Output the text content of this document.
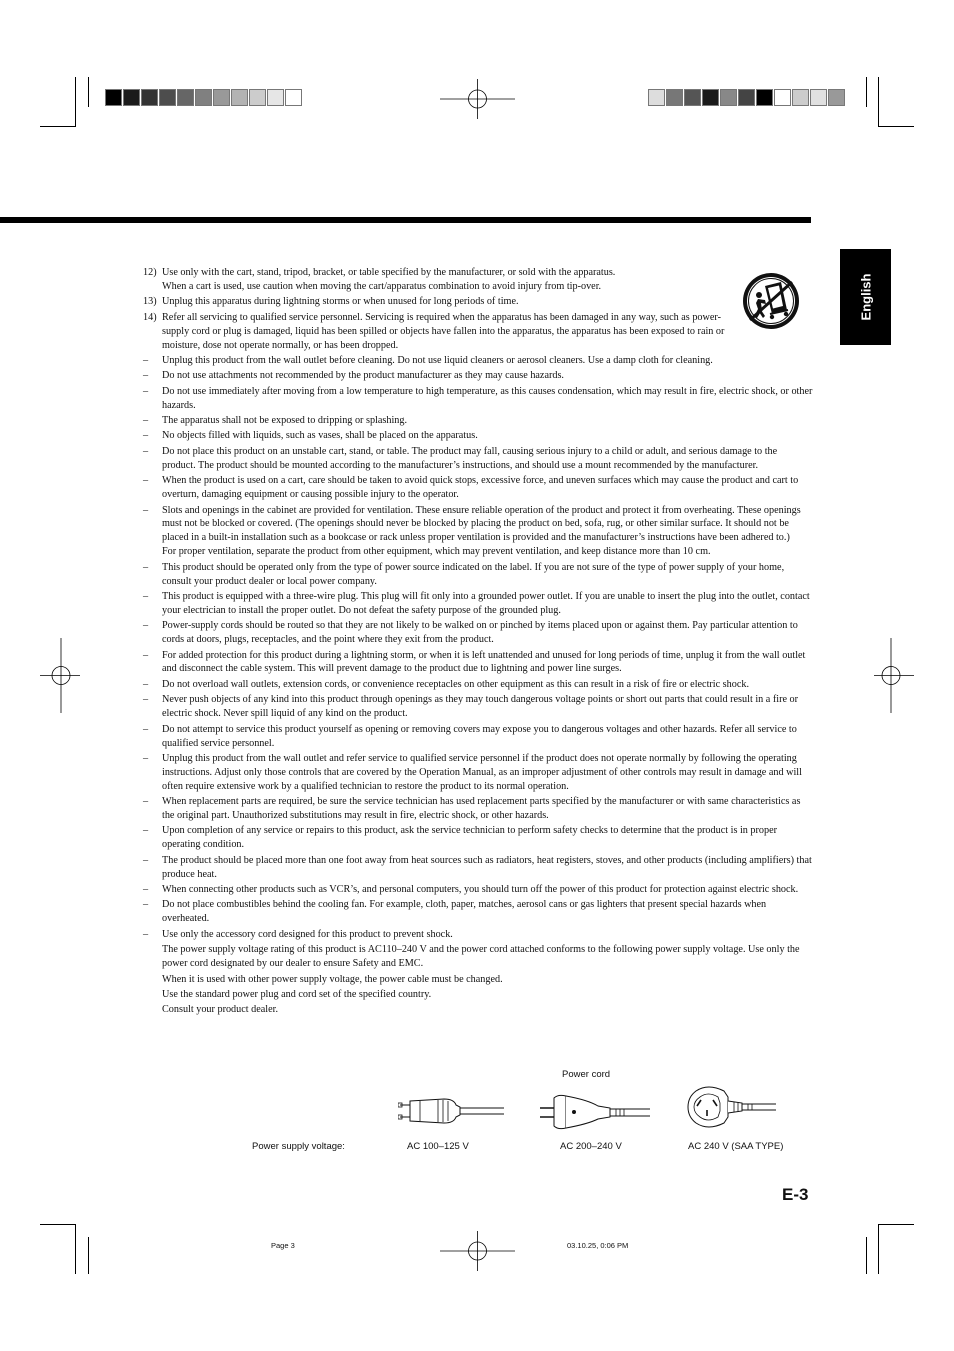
English
12) Use only with the cart, stand, tripod, bracket, or table specified by the manufacturer, or sold with the apparatus.
When a cart is used, use caution when moving the cart/apparatus combination to avoid injury from tip-over.
13) Unplug this apparatus during lightning storms or when unused for long periods of time.
14) Refer all servicing to qualified service personnel. Servicing is required when the apparatus has been damaged in any way, such as power-supply cord or plug is damaged, liquid has been spilled or objects have fallen into the apparatus, the apparatus has been exposed to rain or moisture, dose not operate normally, or has been dropped.
– Unplug this product from the wall outlet before cleaning. Do not use liquid cleaners or aerosol cleaners. Use a damp cloth for cleaning.
– Do not use attachments not recommended by the product manufacturer as they may cause hazards.
– Do not use immediately after moving from a low temperature to high temperature, as this causes condensation, which may result in fire, electric shock, or other hazards.
– The apparatus shall not be exposed to dripping or splashing.
– No objects filled with liquids, such as vases, shall be placed on the apparatus.
– Do not place this product on an unstable cart, stand, or table. The product may fall, causing serious injury to a child or adult, and serious damage to the product. The product should be mounted according to the manufacturer’s instructions, and should use a mount recommended by the manufacturer.
– When the product is used on a cart, care should be taken to avoid quick stops, excessive force, and uneven surfaces which may cause the product and cart to overturn, damaging equipment or causing possible injury to the operator.
– Slots and openings in the cabinet are provided for ventilation. These ensure reliable operation of the product and protect it from overheating. These openings must not be blocked or covered. (The openings should never be blocked by placing the product on bed, sofa, rug, or other similar surface. It should not be placed in a built-in installation such as a bookcase or rack unless proper ventilation is provided and the manufacturer’s instructions have been adhered to.)
For proper ventilation, separate the product from other equipment, which may prevent ventilation, and keep distance more than 10 cm.
– This product should be operated only from the type of power source indicated on the label. If you are not sure of the type of power supply of your home, consult your product dealer or local power company.
– This product is equipped with a three-wire plug. This plug will fit only into a grounded power outlet. If you are unable to insert the plug into the outlet, contact your electrician to install the proper outlet. Do not defeat the safety purpose of the grounded plug.
– Power-supply cords should be routed so that they are not likely to be walked on or pinched by items placed upon or against them. Pay particular attention to cords at doors, plugs, receptacles, and the point where they exit from the product.
– For added protection for this product during a lightning storm, or when it is left unattended and unused for long periods of time, unplug it from the wall outlet and disconnect the cable system. This will prevent damage to the product due to lightning and power line surges.
– Do not overload wall outlets, extension cords, or convenience receptacles on other equipment as this can result in a risk of fire or electric shock.
– Never push objects of any kind into this product through openings as they may touch dangerous voltage points or short out parts that could result in a fire or electric shock. Never spill liquid of any kind on the product.
– Do not attempt to service this product yourself as opening or removing covers may expose you to dangerous voltages and other hazards. Refer all service to qualified service personnel.
– Unplug this product from the wall outlet and refer service to qualified service personnel if the product does not operate normally by following the operating instructions. Adjust only those controls that are covered by the Operation Manual, as an improper adjustment of other controls may result in damage and will often require extensive work by a qualified technician to restore the product to its normal operation.
– When replacement parts are required, be sure the service technician has used replacement parts specified by the manufacturer or with same characteristics as the original part. Unauthorized substitutions may result in fire, electric shock, or other hazards.
– Upon completion of any service or repairs to this product, ask the service technician to perform safety checks to determine that the product is in proper operating condition.
– The product should be placed more than one foot away from heat sources such as radiators, heat registers, stoves, and other products (including amplifiers) that produce heat.
– When connecting other products such as VCR’s, and personal computers, you should turn off the power of this product for protection against electric shock.
– Do not place combustibles behind the cooling fan. For example, cloth, paper, matches, aerosol cans or gas lighters that present special hazards when overheated.
– Use only the accessory cord designed for this product to prevent shock.
The power supply voltage rating of this product is AC110–240 V and the power cord attached conforms to the following power supply voltage. Use only the power cord designated by our dealer to ensure Safety and EMC.
When it is used with other power supply voltage, the power cable must be changed.
Use the standard power plug and cord set of the specified country.
Consult your product dealer.
Power cord
Power supply voltage:	AC 100–125 V	AC 200–240 V	AC 240 V (SAA TYPE)
E-3
Page 3	03.10.25, 0:06 PM
